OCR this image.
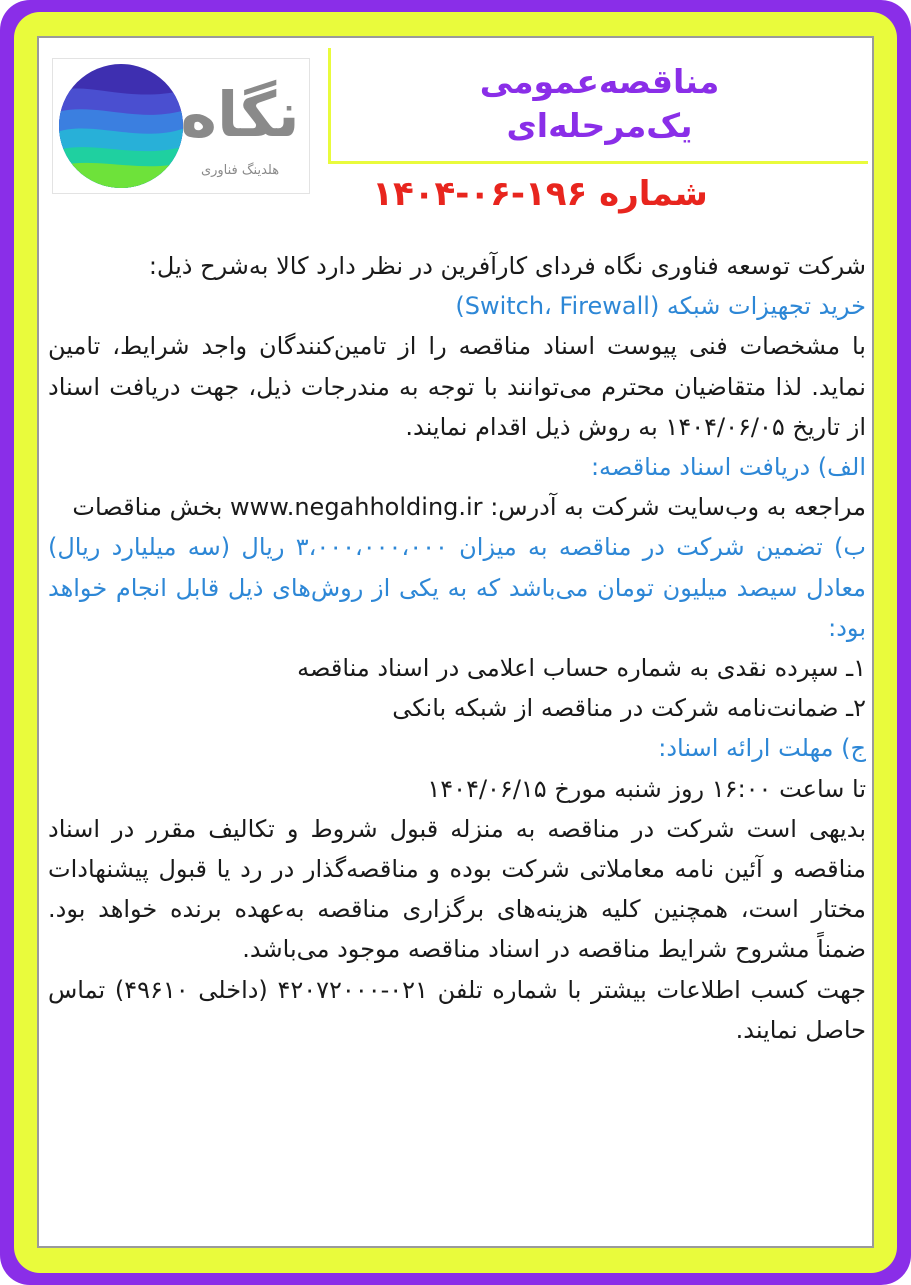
نگاه
هلدینگ فناوری
مناقصه‌عمومی
یک‌مرحله‌ای
شماره ۱۹۶-۰۶-۱۴۰۴

شرکت توسعه فناوری نگاه فردای کارآفرین در نظر دارد کالا به‌شرح ذیل:

خرید تجهیزات شبکه (Switch، Firewall)

با مشخصات فنی پیوست اسناد مناقصه را از تامین‌کنندگان واجد شرایط، تامین نماید. لذا متقاضیان محترم می‌توانند با توجه به مندرجات ذیل، جهت دریافت اسناد از تاریخ ۱۴۰۴/۰۶/۰۵ به روش ذیل اقدام نمایند.

الف) دریافت اسناد مناقصه:

مراجعه به وب‌سایت شرکت به آدرس: www.negahholding.ir بخش مناقصات

ب) تضمین شرکت در مناقصه به میزان ۳،۰۰۰،۰۰۰،۰۰۰ ریال (سه میلیارد ریال) معادل سیصد میلیون تومان می‌باشد که به یکی از روش‌های ذیل قابل انجام خواهد بود:

۱ـ سپرده نقدی به شماره حساب اعلامی در اسناد مناقصه

۲ـ ضمانت‌نامه شرکت در مناقصه از شبکه بانکی

ج) مهلت ارائه اسناد:

تا ساعت ۱۶:۰۰ روز شنبه مورخ ۱۴۰۴/۰۶/۱۵

بدیهی است شرکت در مناقصه به منزله قبول شروط و تکالیف مقرر در اسناد مناقصه و آئین نامه معاملاتی شرکت بوده و مناقصه‌گذار در رد یا قبول پیشنهادات مختار است، همچنین کلیه هزینه‌های برگزاری مناقصه به‌عهده برنده خواهد بود. ضمناً مشروح شرایط مناقصه در اسناد مناقصه موجود می‌باشد.

جهت کسب اطلاعات بیشتر با شماره تلفن ۰۲۱-۴۲۰۷۲۰۰۰ (داخلی ۴۹۶۱۰) تماس حاصل نمایند.
